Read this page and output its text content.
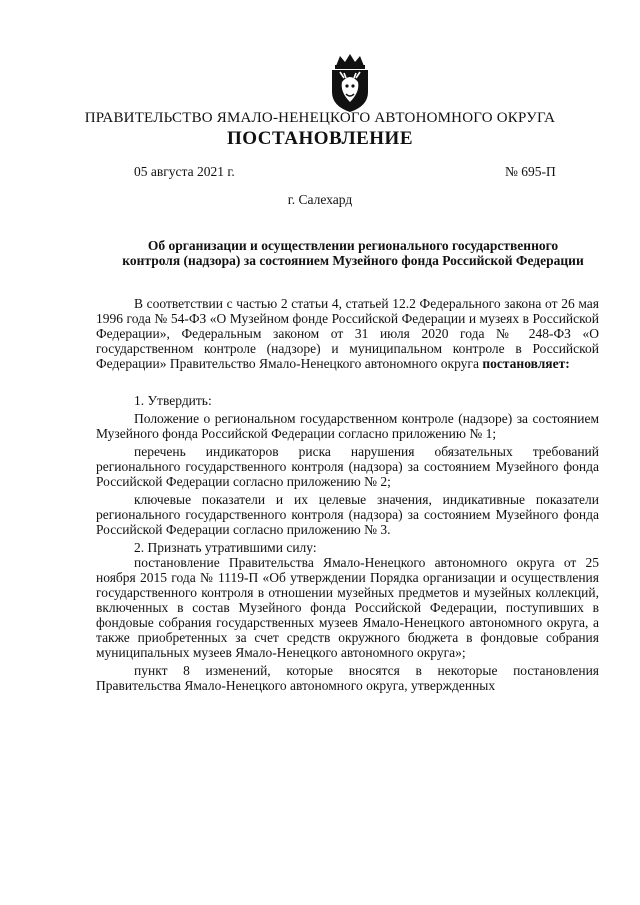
ПРАВИТЕЛЬСТВО ЯМАЛО-НЕНЕЦКОГО АВТОНОМНОГО ОКРУГА
ПОСТАНОВЛЕНИЕ
05 августа 2021 г.	№ 695-П
г. Салехард
Об организации и осуществлении регионального государственного
контроля (надзора) за состоянием Музейного фонда Российской Федерации

В соответствии с частью 2 статьи 4, статьей 12.2 Федерального закона от 26 мая 1996 года № 54-ФЗ «О Музейном фонде Российской Федерации и музеях в Российской Федерации», Федеральным законом от 31 июля 2020 года № 248-ФЗ «О государственном контроле (надзоре) и муниципальном контроле в Российской Федерации» Правительство Ямало-Ненецкого автономного округа постановляет:

1. Утвердить:

Положение о региональном государственном контроле (надзоре) за состоянием Музейного фонда Российской Федерации согласно приложению № 1;

перечень индикаторов риска нарушения обязательных требований регионального государственного контроля (надзора) за состоянием Музейного фонда Российской Федерации согласно приложению № 2;

ключевые показатели и их целевые значения, индикативные показатели регионального государственного контроля (надзора) за состоянием Музейного фонда Российской Федерации согласно приложению № 3.

2. Признать утратившими силу:

постановление Правительства Ямало-Ненецкого автономного округа от 25 ноября 2015 года № 1119-П «Об утверждении Порядка организации и осуществления государственного контроля в отношении музейных предметов и музейных коллекций, включенных в состав Музейного фонда Российской Федерации, поступивших в фондовые собрания государственных музеев Ямало-Ненецкого автономного округа, а также приобретенных за счет средств окружного бюджета в фондовые собрания муниципальных музеев Ямало-Ненецкого автономного округа»;

пункт 8 изменений, которые вносятся в некоторые постановления Правительства Ямало-Ненецкого автономного округа, утвержденных
